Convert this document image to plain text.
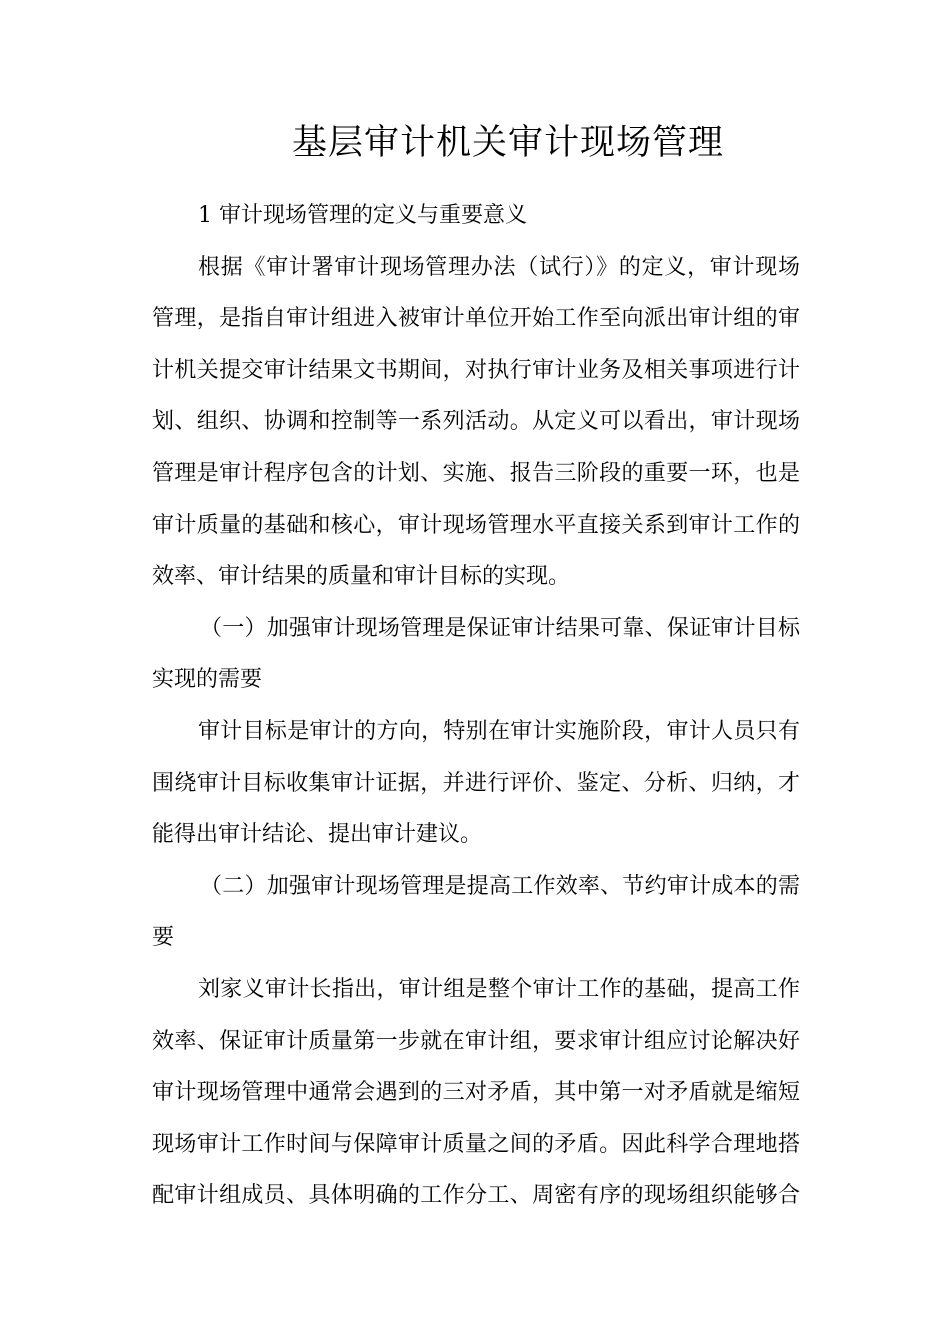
基层审计机关审计现场管理
1 审计现场管理的定义与重要意义
根据《审计署审计现场管理办法（试行）》的定义，审计现场
管理，是指自审计组进入被审计单位开始工作至向派出审计组的审
计机关提交审计结果文书期间，对执行审计业务及相关事项进行计
划、组织、协调和控制等一系列活动。从定义可以看出，审计现场
管理是审计程序包含的计划、实施、报告三阶段的重要一环，也是
审计质量的基础和核心，审计现场管理水平直接关系到审计工作的
效率、审计结果的质量和审计目标的实现。
（一）加强审计现场管理是保证审计结果可靠、保证审计目标
实现的需要
审计目标是审计的方向，特别在审计实施阶段，审计人员只有
围绕审计目标收集审计证据，并进行评价、鉴定、分析、归纳，才
能得出审计结论、提出审计建议。
（二）加强审计现场管理是提高工作效率、节约审计成本的需
要
刘家义审计长指出，审计组是整个审计工作的基础，提高工作
效率、保证审计质量第一步就在审计组，要求审计组应讨论解决好
审计现场管理中通常会遇到的三对矛盾，其中第一对矛盾就是缩短
现场审计工作时间与保障审计质量之间的矛盾。因此科学合理地搭
配审计组成员、具体明确的工作分工、周密有序的现场组织能够合
